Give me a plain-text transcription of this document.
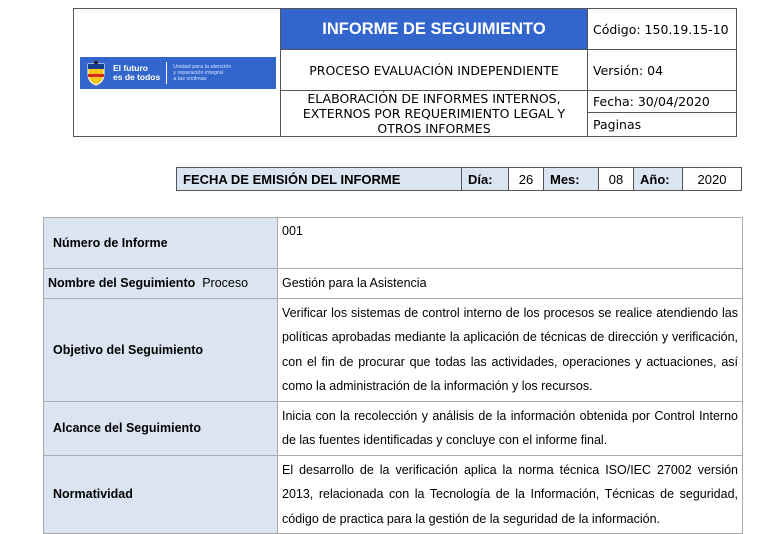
El futuro
es de todos
Unidad para la atención
y reparación integral
a las víctimas	INFORME DE SEGUIMIENTO	Código: 150.19.15-10
	PROCESO EVALUACIÓN INDEPENDIENTE	Versión: 04
	ELABORACIÓN DE INFORMES INTERNOS, EXTERNOS POR REQUERIMIENTO LEGAL Y OTROS INFORMES	Fecha: 30/04/2020
		Paginas
FECHA DE EMISIÓN DEL INFORME	Día:	26	Mes:	08	Año:	2020
Número de Informe	001
Nombre del Seguimiento Proceso	Gestión para la Asistencia
Objetivo del Seguimiento	Verificar los sistemas de control interno de los procesos se realice atendiendo las políticas aprobadas mediante la aplicación de técnicas de dirección y verificación, con el fin de procurar que todas las actividades, operaciones y actuaciones, así como la administración de la información y los recursos.
Alcance del Seguimiento	Inicia con la recolección y análisis de la información obtenida por Control Interno de las fuentes identificadas y concluye con el informe final.
Normatividad	El desarrollo de la verificación aplica la norma técnica ISO/IEC 27002 versión 2013, relacionada con la Tecnología de la Información, Técnicas de seguridad, código de practica para la gestión de la seguridad de la información.
